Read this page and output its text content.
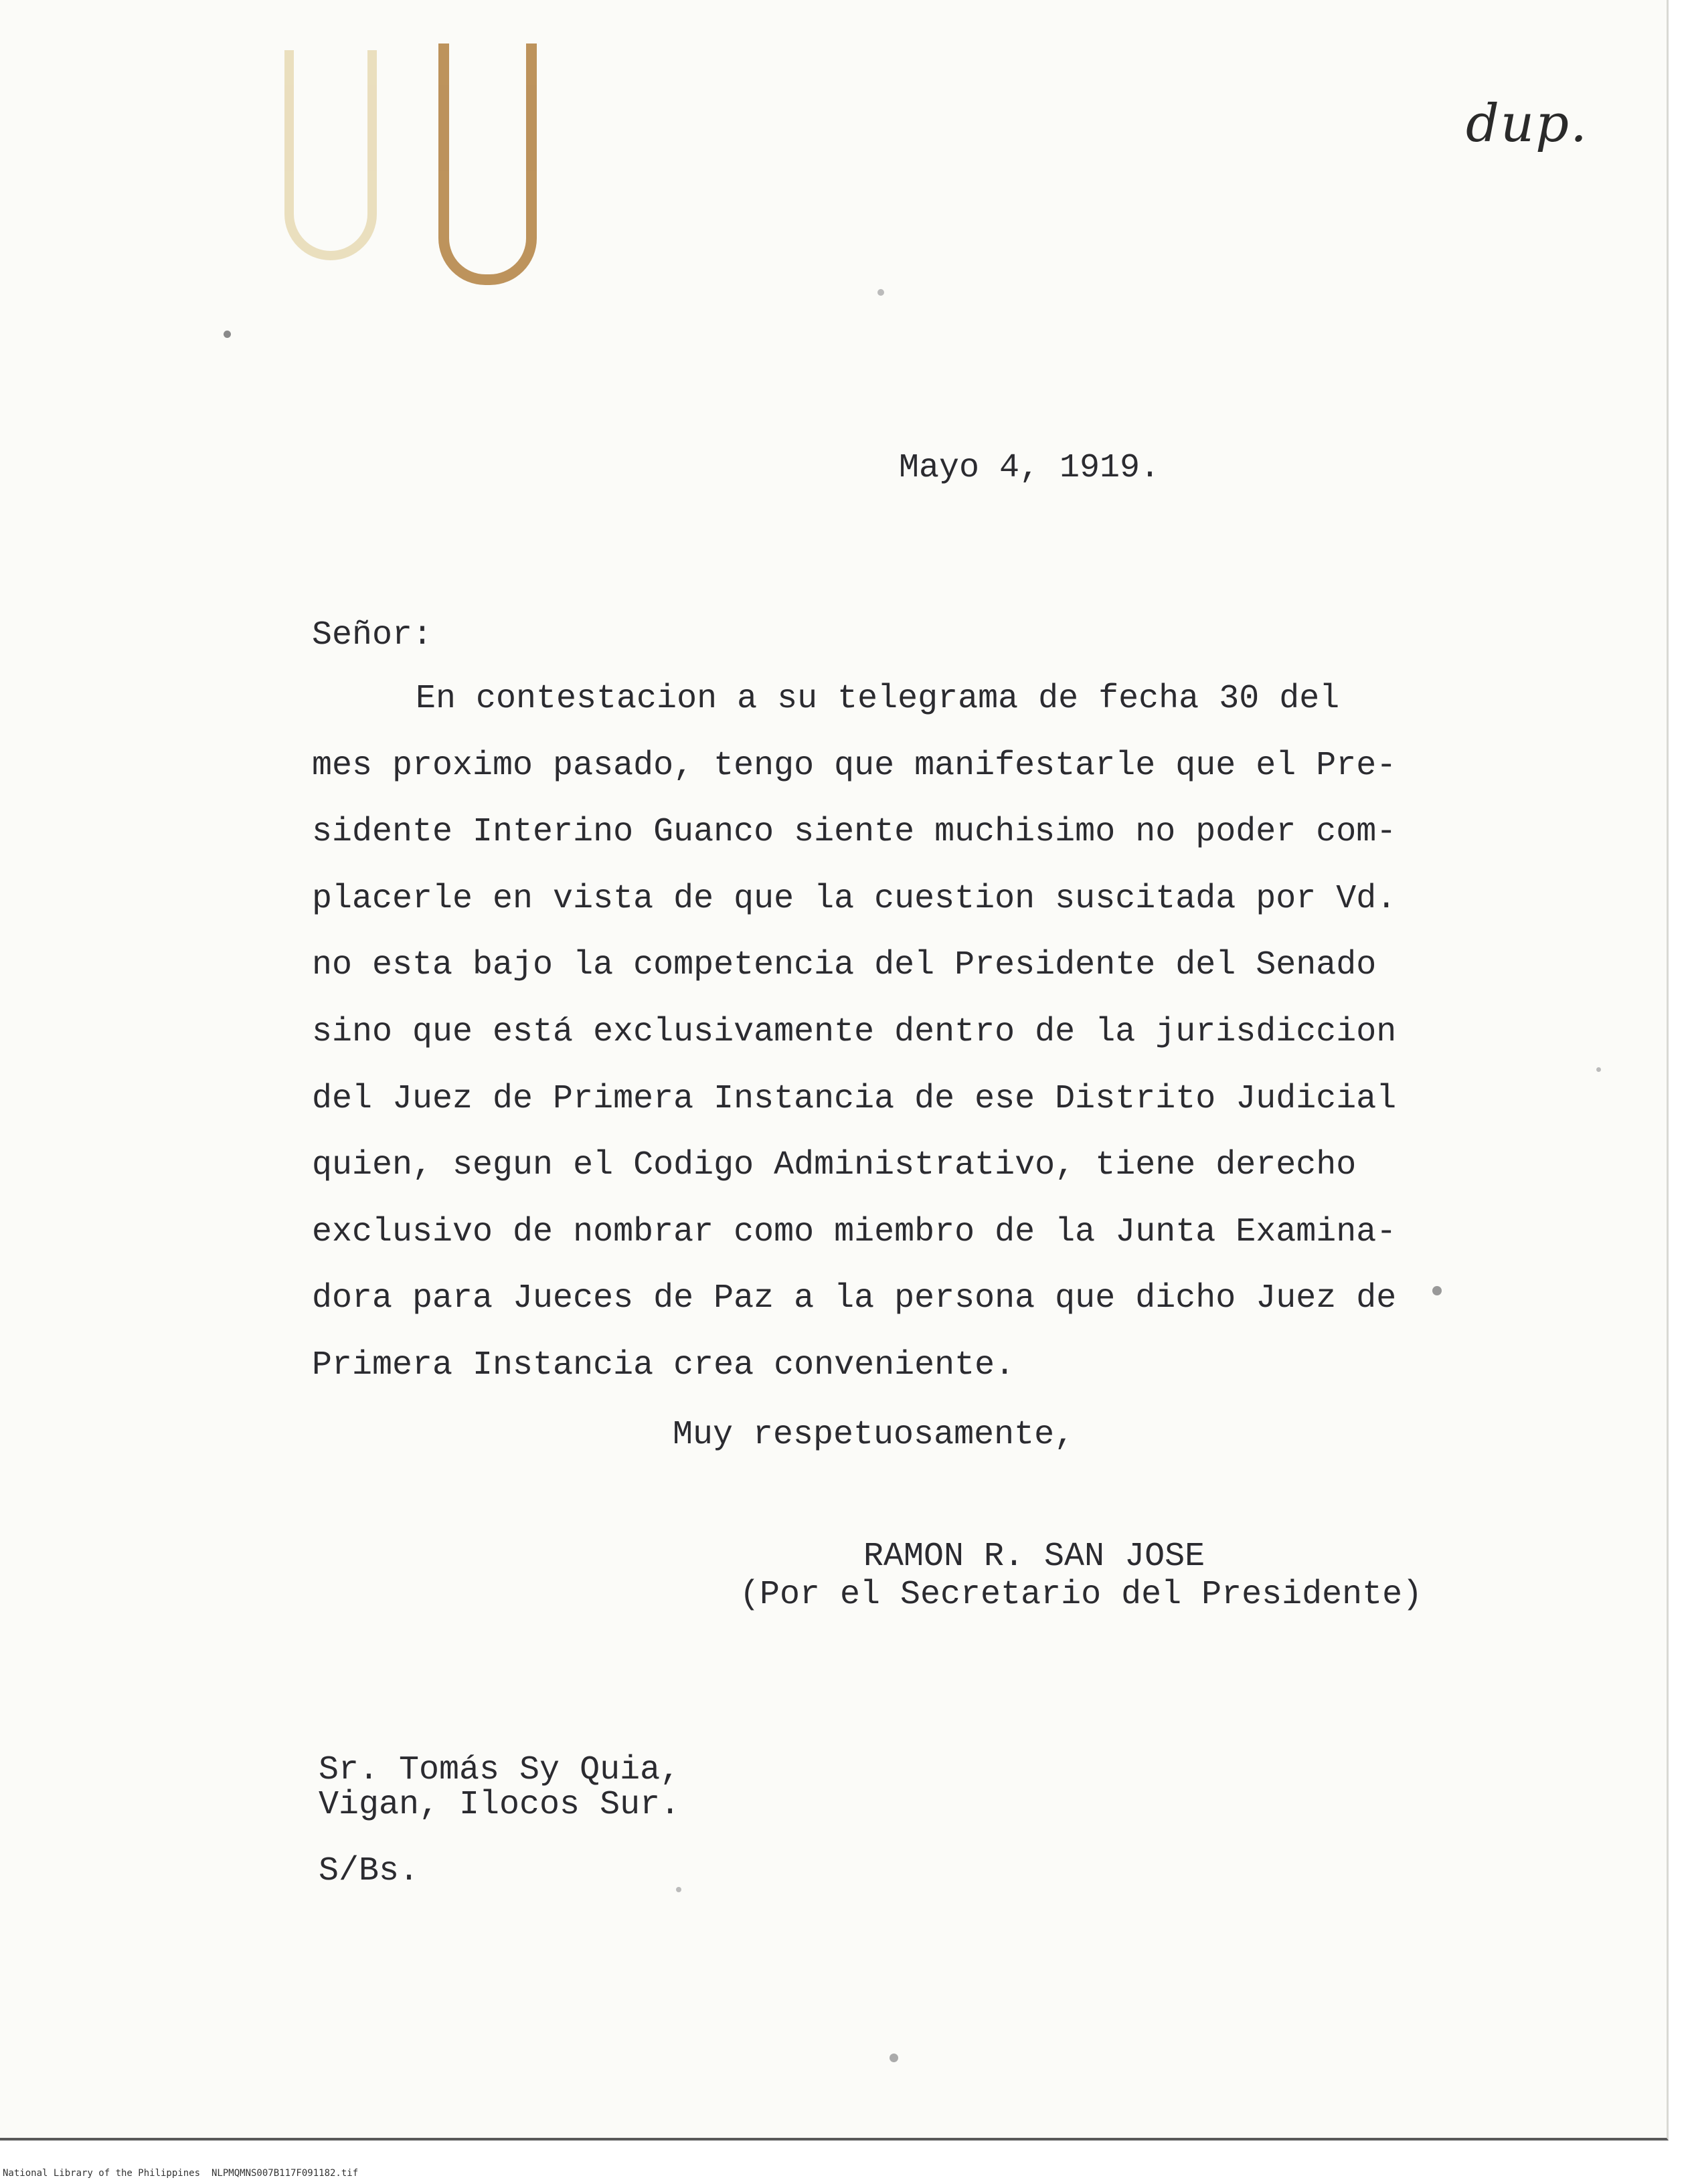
dup.
Mayo 4, 1919.
Señor:
En contestacion a su telegrama de fecha 30 del
mes proximo pasado, tengo que manifestarle que el Pre-
sidente Interino Guanco siente muchisimo no poder com-
placerle en vista de que la cuestion suscitada por Vd.
no esta bajo la competencia del Presidente del Senado
sino que está exclusivamente dentro de la jurisdiccion
del Juez de Primera Instancia de ese Distrito Judicial
quien, segun el Codigo Administrativo, tiene derecho
exclusivo de nombrar como miembro de la Junta Examina-
dora para Jueces de Paz a la persona que dicho Juez de
Primera Instancia crea conveniente.
Muy respetuosamente,
RAMON R. SAN JOSE
(Por el Secretario del Presidente)
Sr. Tomás Sy Quia,
Vigan, Ilocos Sur.
S/Bs.
National Library of the Philippines NLPMQMNS007B117F091182.tif
